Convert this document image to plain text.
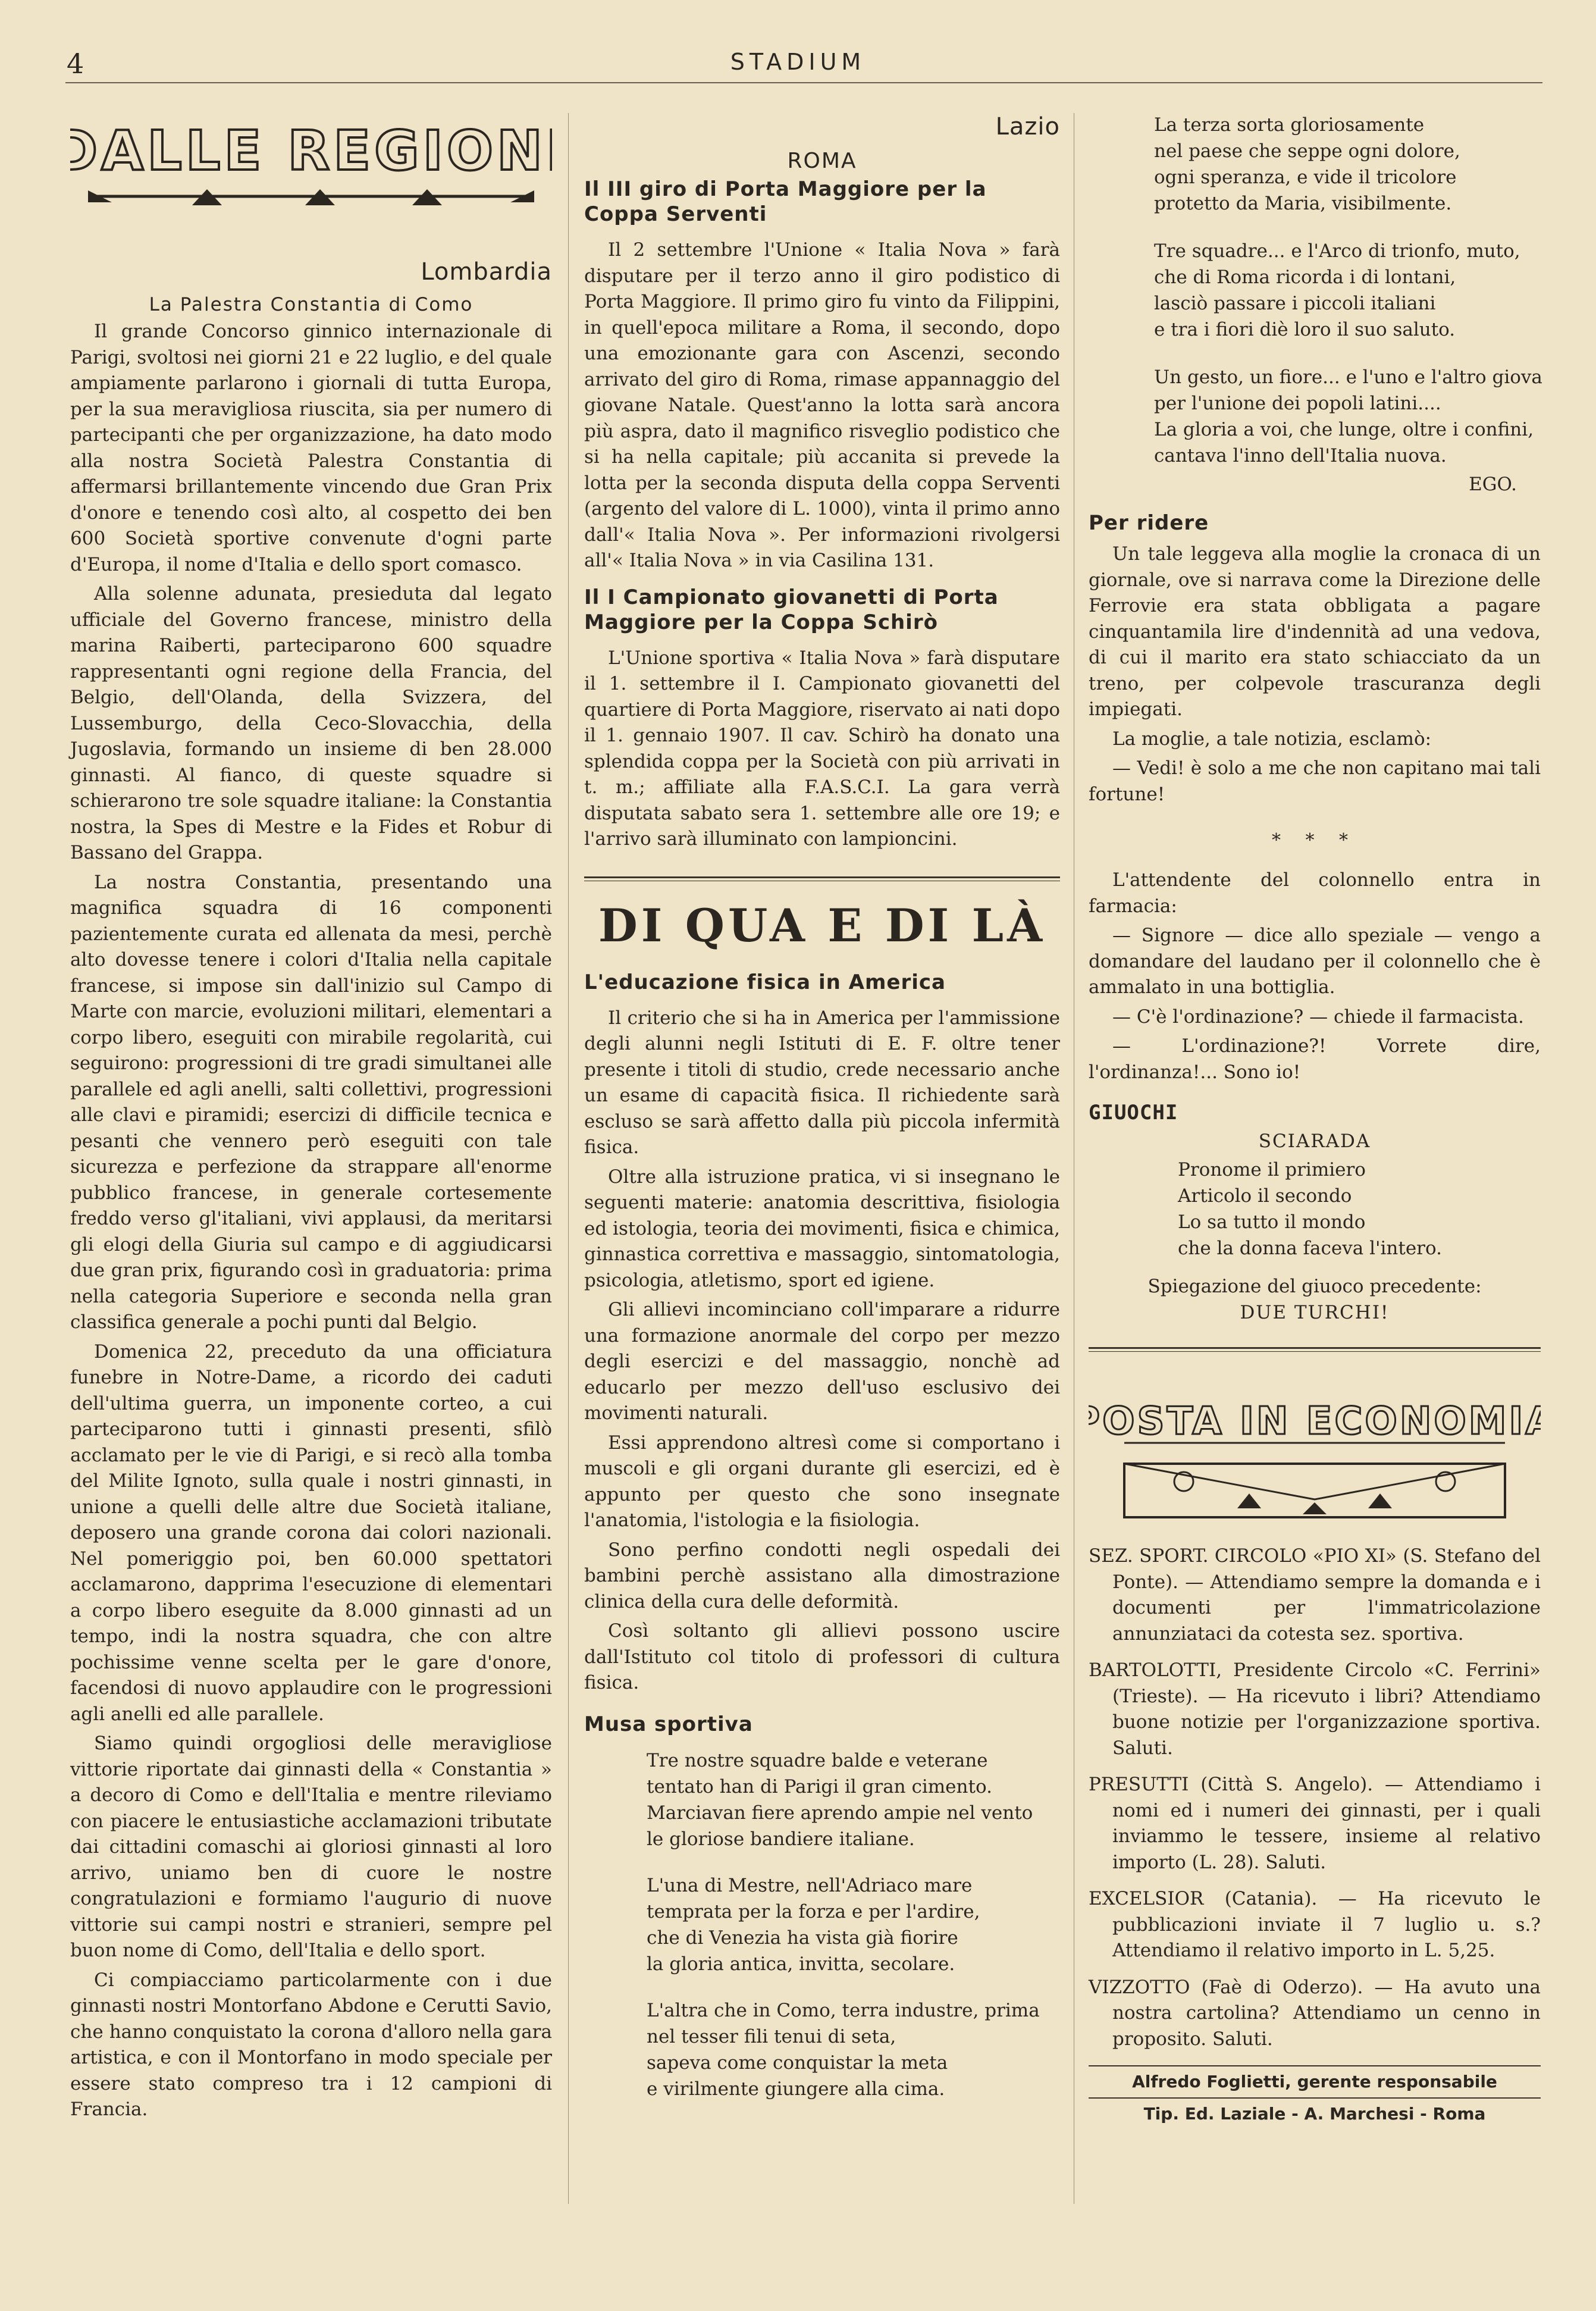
4	STADIUM
DALLE REGIONI
Lombardia
La Palestra Constantia di Como

Il grande Concorso ginnico internazionale di Parigi, svoltosi nei giorni 21 e 22 luglio, e del quale ampiamente parlarono i giornali di tutta Europa, per la sua meravigliosa riuscita, sia per numero di partecipanti che per organizzazione, ha dato modo alla nostra Società Palestra Constantia di affermarsi brillantemente vincendo due Gran Prix d'onore e tenendo così alto, al cospetto dei ben 600 Società sportive convenute d'ogni parte d'Europa, il nome d'Italia e dello sport comasco.

Alla solenne adunata, presieduta dal legato ufficiale del Governo francese, ministro della marina Raiberti, parteciparono 600 squadre rappresentanti ogni regione della Francia, del Belgio, dell'Olanda, della Svizzera, del Lussemburgo, della Ceco-Slovacchia, della Jugoslavia, formando un insieme di ben 28.000 ginnasti. Al fianco, di queste squadre si schierarono tre sole squadre italiane: la Constantia nostra, la Spes di Mestre e la Fides et Robur di Bassano del Grappa.

La nostra Constantia, presentando una magnifica squadra di 16 componenti pazientemente curata ed allenata da mesi, perchè alto dovesse tenere i colori d'Italia nella capitale francese, si impose sin dall'inizio sul Campo di Marte con marcie, evoluzioni militari, elementari a corpo libero, eseguiti con mirabile regolarità, cui seguirono: progressioni di tre gradi simultanei alle parallele ed agli anelli, salti collettivi, progressioni alle clavi e piramidi; esercizi di difficile tecnica e pesanti che vennero però eseguiti con tale sicurezza e perfezione da strappare all'enorme pubblico francese, in generale cortesemente freddo verso gl'italiani, vivi applausi, da meritarsi gli elogi della Giuria sul campo e di aggiudicarsi due gran prix, figurando così in graduatoria: prima nella categoria Superiore e seconda nella gran classifica generale a pochi punti dal Belgio.

Domenica 22, preceduto da una officiatura funebre in Notre-Dame, a ricordo dei caduti dell'ultima guerra, un imponente corteo, a cui parteciparono tutti i ginnasti presenti, sfilò acclamato per le vie di Parigi, e si recò alla tomba del Milite Ignoto, sulla quale i nostri ginnasti, in unione a quelli delle altre due Società italiane, deposero una grande corona dai colori nazionali. Nel pomeriggio poi, ben 60.000 spettatori acclamarono, dapprima l'esecuzione di elementari a corpo libero eseguite da 8.000 ginnasti ad un tempo, indi la nostra squadra, che con altre pochissime venne scelta per le gare d'onore, facendosi di nuovo applaudire con le progressioni agli anelli ed alle parallele.

Siamo quindi orgogliosi delle meravigliose vittorie riportate dai ginnasti della « Constantia » a decoro di Como e dell'Italia e mentre rileviamo con piacere le entusiastiche acclamazioni tributate dai cittadini comaschi ai gloriosi ginnasti al loro arrivo, uniamo ben di cuore le nostre congratulazioni e formiamo l'augurio di nuove vittorie sui campi nostri e stranieri, sempre pel buon nome di Como, dell'Italia e dello sport.

Ci compiacciamo particolarmente con i due ginnasti nostri Montorfano Abdone e Cerutti Savio, che hanno conquistato la corona d'alloro nella gara artistica, e con il Montorfano in modo speciale per essere stato compreso tra i 12 campioni di Francia.

Lazio
ROMA
Il III giro di Porta Maggiore per la Coppa Serventi

Il 2 settembre l'Unione « Italia Nova » farà disputare per il terzo anno il giro podistico di Porta Maggiore. Il primo giro fu vinto da Filippini, in quell'epoca militare a Roma, il secondo, dopo una emozionante gara con Ascenzi, secondo arrivato del giro di Roma, rimase appannaggio del giovane Natale. Quest'anno la lotta sarà ancora più aspra, dato il magnifico risveglio podistico che si ha nella capitale; più accanita si prevede la lotta per la seconda disputa della coppa Serventi (argento del valore di L. 1000), vinta il primo anno dall'« Italia Nova ». Per informazioni rivolgersi all'« Italia Nova » in via Casilina 131.

Il I Campionato giovanetti di Porta Maggiore per la Coppa Schirò

L'Unione sportiva « Italia Nova » farà disputare il 1. settembre il I. Campionato giovanetti del quartiere di Porta Maggiore, riservato ai nati dopo il 1. gennaio 1907. Il cav. Schirò ha donato una splendida coppa per la Società con più arrivati in t. m.; affiliate alla F.A.S.C.I. La gara verrà disputata sabato sera 1. settembre alle ore 19; e l'arrivo sarà illuminato con lampioncini.

DI QUA E DI LÀ
L'educazione fisica in America

Il criterio che si ha in America per l'ammissione degli alunni negli Istituti di E. F. oltre tener presente i titoli di studio, crede necessario anche un esame di capacità fisica. Il richiedente sarà escluso se sarà affetto dalla più piccola infermità fisica.

Oltre alla istruzione pratica, vi si insegnano le seguenti materie: anatomia descrittiva, fisiologia ed istologia, teoria dei movimenti, fisica e chimica, ginnastica correttiva e massaggio, sintomatologia, psicologia, atletismo, sport ed igiene.

Gli allievi incominciano coll'imparare a ridurre una formazione anormale del corpo per mezzo degli esercizi e del massaggio, nonchè ad educarlo per mezzo dell'uso esclusivo dei movimenti naturali.

Essi apprendono altresì come si comportano i muscoli e gli organi durante gli esercizi, ed è appunto per questo che sono insegnate l'anatomia, l'istologia e la fisiologia.

Sono perfino condotti negli ospedali dei bambini perchè assistano alla dimostrazione clinica della cura delle deformità.

Così soltanto gli allievi possono uscire dall'Istituto col titolo di professori di cultura fisica.

Musa sportiva
Tre nostre squadre balde e veterane
tentato han di Parigi il gran cimento.
Marciavan fiere aprendo ampie nel vento
le gloriose bandiere italiane.
L'una di Mestre, nell'Adriaco mare
temprata per la forza e per l'ardire,
che di Venezia ha vista già fiorire
la gloria antica, invitta, secolare.
L'altra che in Como, terra industre, prima
nel tesser fili tenui di seta,
sapeva come conquistar la meta
e virilmente giungere alla cima.
La terza sorta gloriosamente
nel paese che seppe ogni dolore,
ogni speranza, e vide il tricolore
protetto da Maria, visibilmente.
Tre squadre... e l'Arco di trionfo, muto,
che di Roma ricorda i di lontani,
lasciò passare i piccoli italiani
e tra i fiori diè loro il suo saluto.
Un gesto, un fiore... e l'uno e l'altro giova
per l'unione dei popoli latini....
La gloria a voi, che lunge, oltre i confini,
cantava l'inno dell'Italia nuova.
EGO.
Per ridere

Un tale leggeva alla moglie la cronaca di un giornale, ove si narrava come la Direzione delle Ferrovie era stata obbligata a pagare cinquantamila lire d'indennità ad una vedova, di cui il marito era stato schiacciato da un treno, per colpevole trascuranza degli impiegati.

La moglie, a tale notizia, esclamò:

— Vedi! è solo a me che non capitano mai tali fortune!

* * *

L'attendente del colonnello entra in farmacia:

— Signore — dice allo speziale — vengo a domandare del laudano per il colonnello che è ammalato in una bottiglia.

— C'è l'ordinazione? — chiede il farmacista.

— L'ordinazione?! Vorrete dire, l'ordinanza!... Sono io!

GIUOCHI
SCIARADA
Pronome il primiero
Articolo il secondo
Lo sa tutto il mondo
che la donna faceva l'intero.
Spiegazione del giuoco precedente:
DUE TURCHI!
POSTA IN ECONOMIA

SEZ. SPORT. CIRCOLO «PIO XI» (S. Stefano del Ponte). — Attendiamo sempre la domanda e i documenti per l'immatricolazione annunziataci da cotesta sez. sportiva.

BARTOLOTTI, Presidente Circolo «C. Ferrini» (Trieste). — Ha ricevuto i libri? Attendiamo buone notizie per l'organizzazione sportiva. Saluti.

PRESUTTI (Città S. Angelo). — Attendiamo i nomi ed i numeri dei ginnasti, per i quali inviammo le tessere, insieme al relativo importo (L. 28). Saluti.

EXCELSIOR (Catania). — Ha ricevuto le pubblicazioni inviate il 7 luglio u. s.? Attendiamo il relativo importo in L. 5,25.

VIZZOTTO (Faè di Oderzo). — Ha avuto una nostra cartolina? Attendiamo un cenno in proposito. Saluti.

Alfredo Foglietti, gerente responsabile
Tip. Ed. Laziale - A. Marchesi - Roma
